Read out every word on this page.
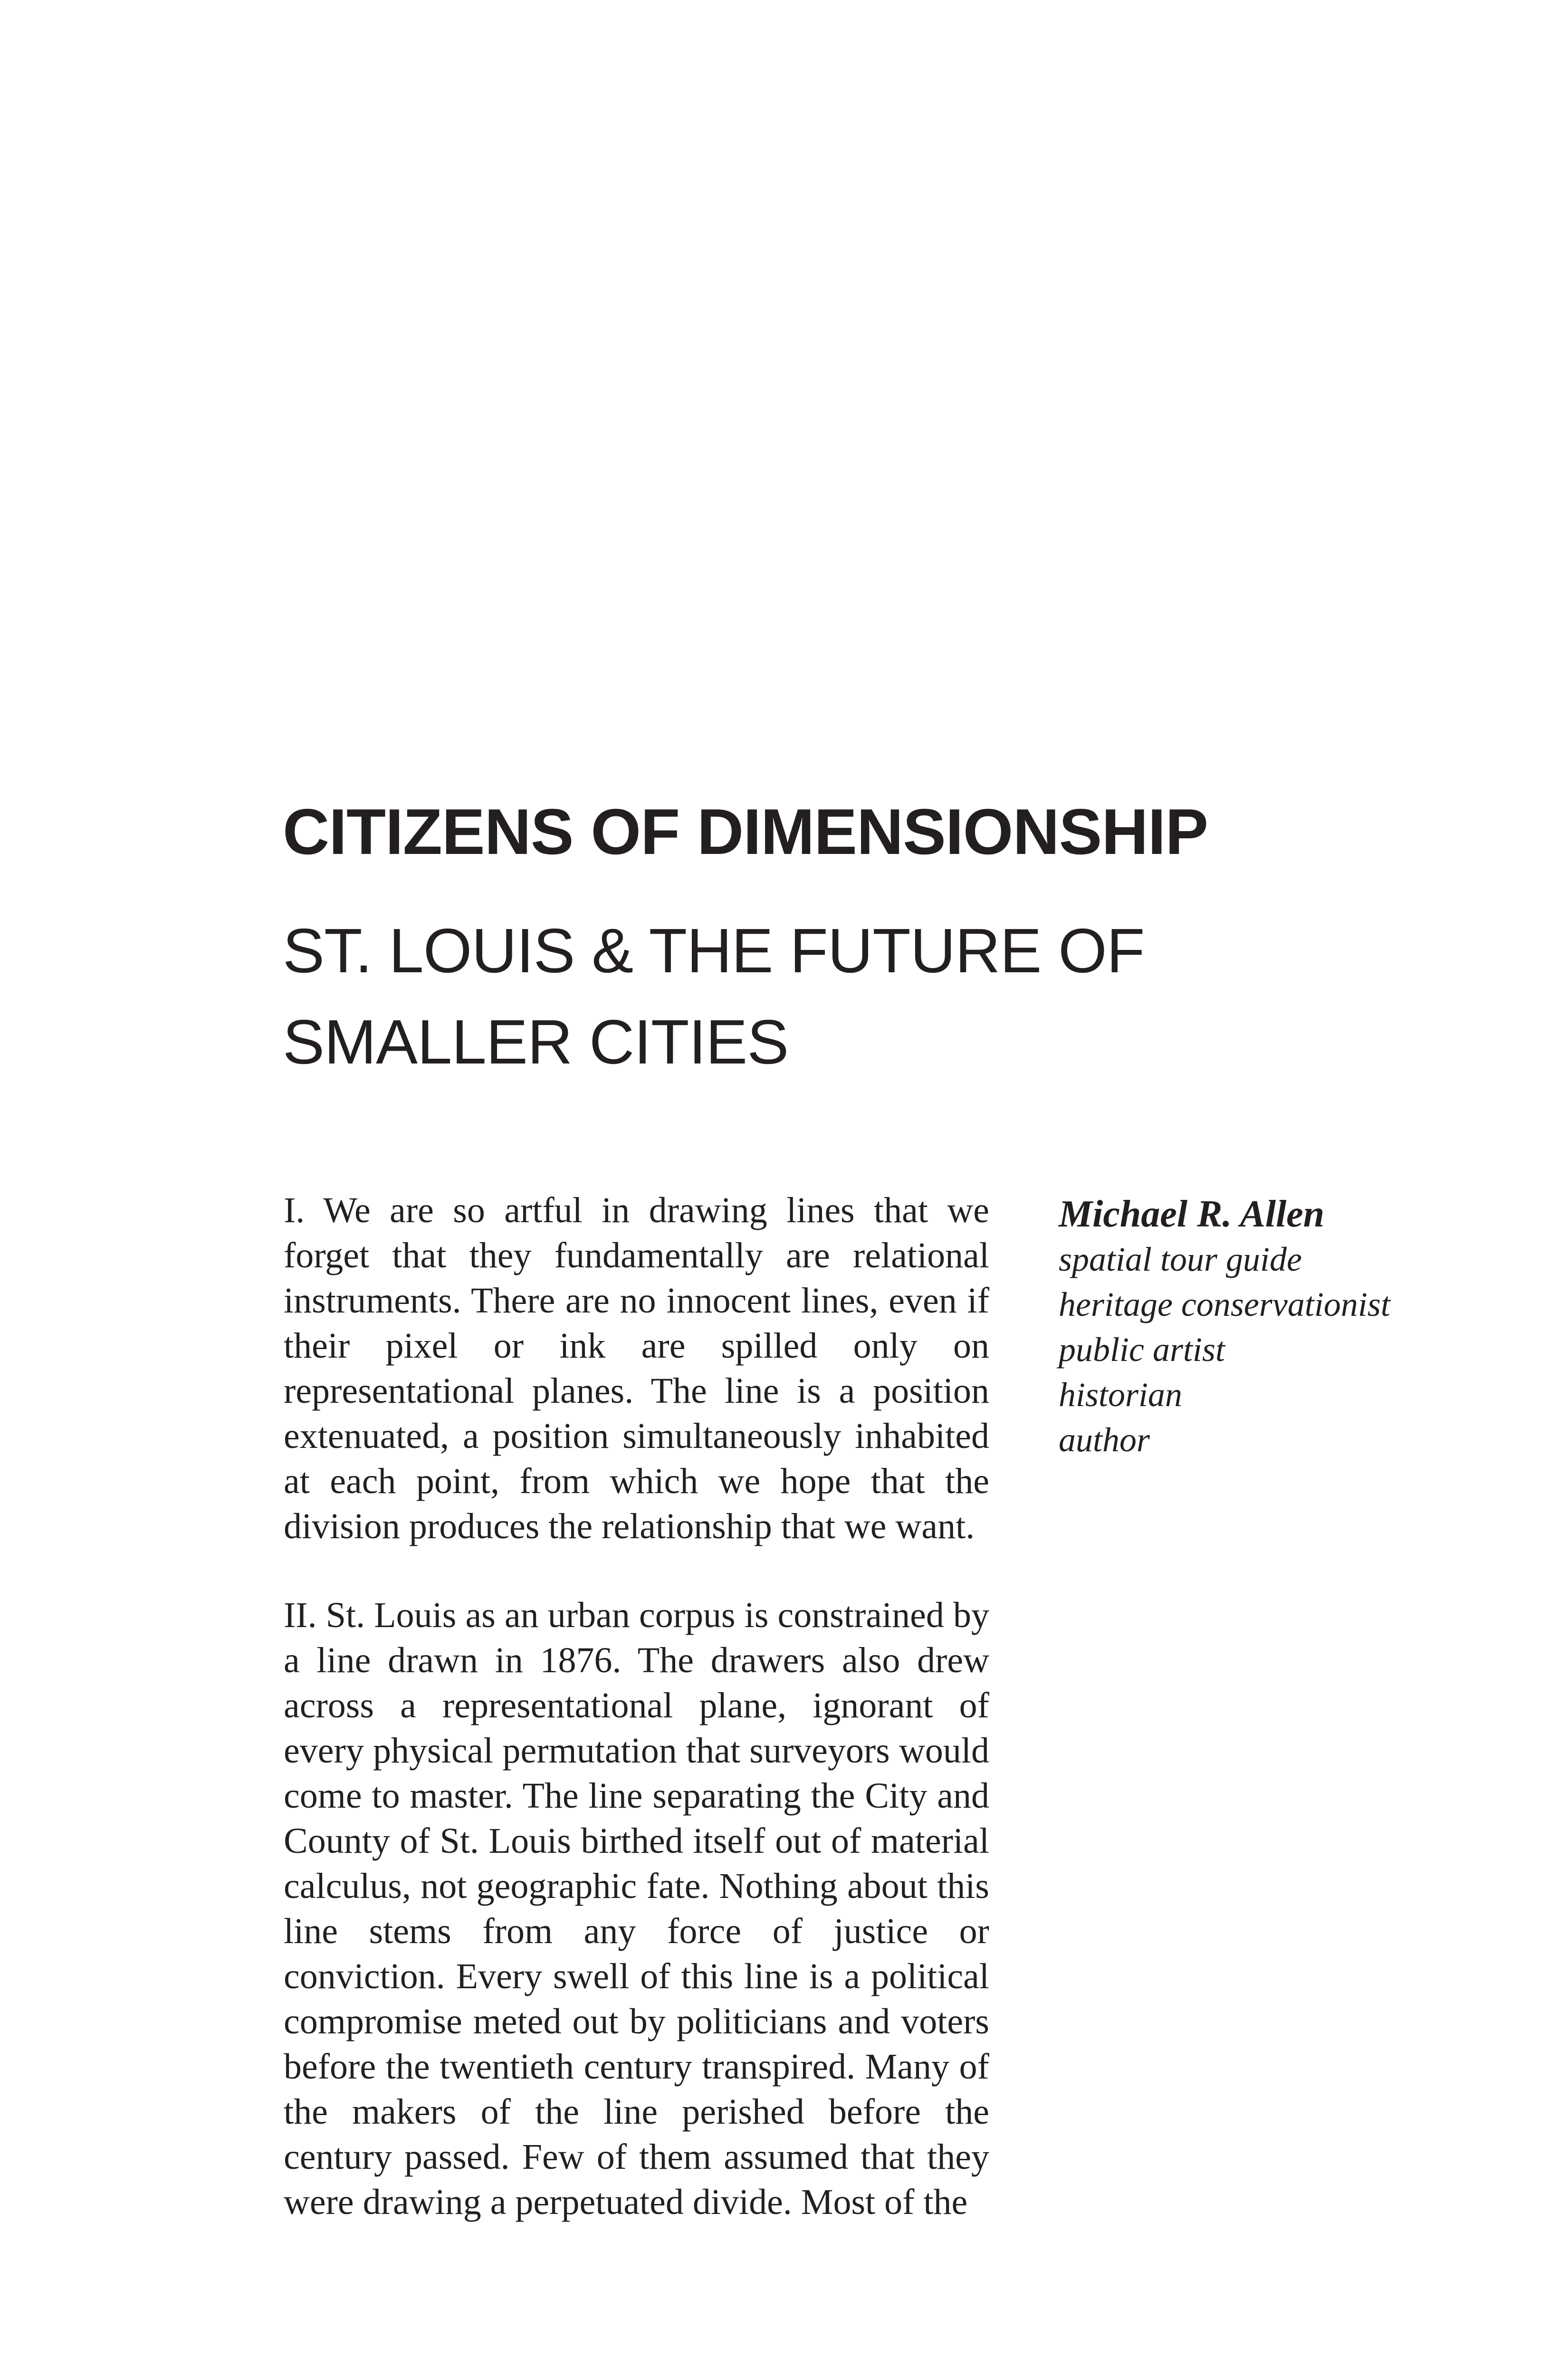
CITIZENS OF DIMENSIONSHIP
ST. LOUIS & THE FUTURE OF
SMALLER CITIES

I. We are so artful in drawing lines that we forget that they fundamentally are relational instruments. There are no innocent lines, even if their pixel or ink are spilled only on representational planes. The line is a position extenuated, a position simultaneously inhabited at each point, from which we hope that the division produces the relationship that we want.

II. St. Louis as an urban corpus is constrained by a line drawn in 1876. The drawers also drew across a representational plane, ignorant of every physical permutation that surveyors would come to master. The line separating the City and County of St. Louis birthed itself out of material calculus, not geographic fate. Nothing about this line stems from any force of justice or conviction. Every swell of this line is a political compromise meted out by politicians and voters before the twentieth century transpired. Many of the makers of the line perished before the century passed. Few of them assumed that they were drawing a perpetuated divide. Most of the

Michael R. Allen
spatial tour guide
heritage conservationist
public artist
historian
author
